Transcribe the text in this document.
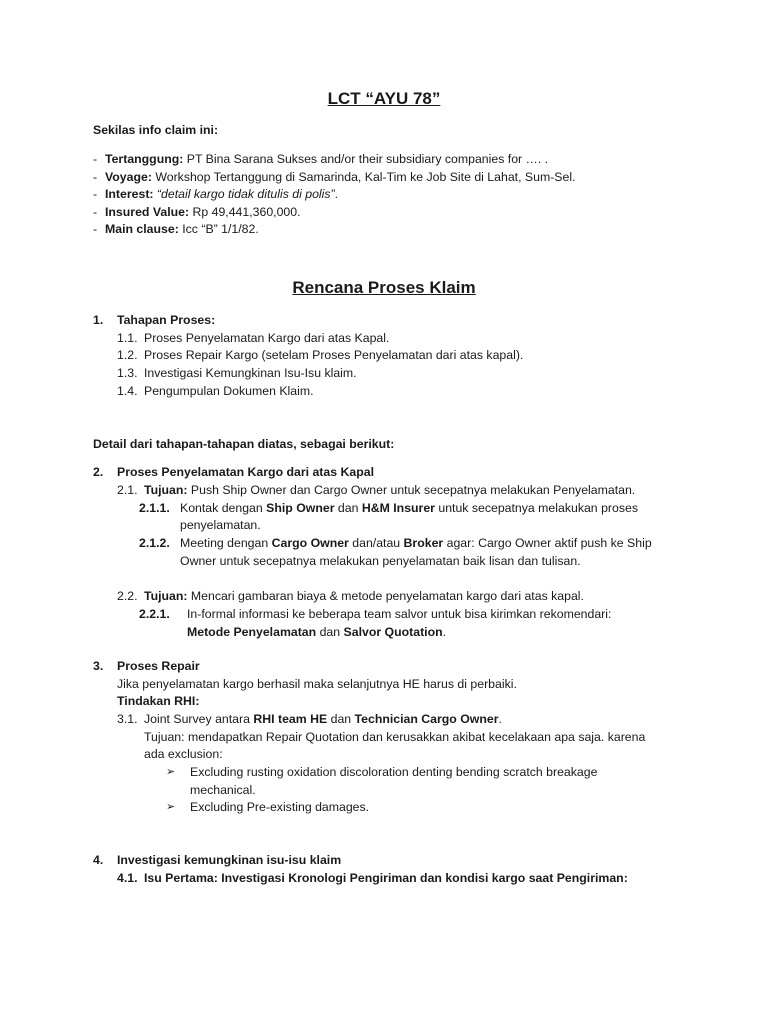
LCT “AYU 78”
Sekilas info claim ini:
- Tertanggung: PT Bina Sarana Sukses and/or their subsidiary companies for …. .
- Voyage: Workshop Tertanggung di Samarinda, Kal-Tim ke Job Site di Lahat, Sum-Sel.
- Interest: “detail kargo tidak ditulis di polis”.
- Insured Value: Rp 49,441,360,000.
- Main clause: Icc “B” 1/1/82.
Rencana Proses Klaim
1. Tahapan Proses:
1.1. Proses Penyelamatan Kargo dari atas Kapal.
1.2. Proses Repair Kargo (setelam Proses Penyelamatan dari atas kapal).
1.3. Investigasi Kemungkinan Isu-Isu klaim.
1.4. Pengumpulan Dokumen Klaim.
Detail dari tahapan-tahapan diatas, sebagai berikut:
2. Proses Penyelamatan Kargo dari atas Kapal
2.1. Tujuan: Push Ship Owner dan Cargo Owner untuk secepatnya melakukan Penyelamatan.
2.1.1. Kontak dengan Ship Owner dan H&M Insurer untuk secepatnya melakukan proses
penyelamatan.
2.1.2. Meeting dengan Cargo Owner dan/atau Broker agar: Cargo Owner aktif push ke Ship
Owner untuk secepatnya melakukan penyelamatan baik lisan dan tulisan.
2.2. Tujuan: Mencari gambaran biaya & metode penyelamatan kargo dari atas kapal.
2.2.1. In-formal informasi ke beberapa team salvor untuk bisa kirimkan rekomendari:
Metode Penyelamatan dan Salvor Quotation.
3. Proses Repair
Jika penyelamatan kargo berhasil maka selanjutnya HE harus di perbaiki.
Tindakan RHI:
3.1. Joint Survey antara RHI team HE dan Technician Cargo Owner.
Tujuan: mendapatkan Repair Quotation dan kerusakkan akibat kecelakaan apa saja. karena
ada exclusion:
➢ Excluding rusting oxidation discoloration denting bending scratch breakage
mechanical.
➢ Excluding Pre-existing damages.
4. Investigasi kemungkinan isu-isu klaim
4.1. Isu Pertama: Investigasi Kronologi Pengiriman dan kondisi kargo saat Pengiriman:
